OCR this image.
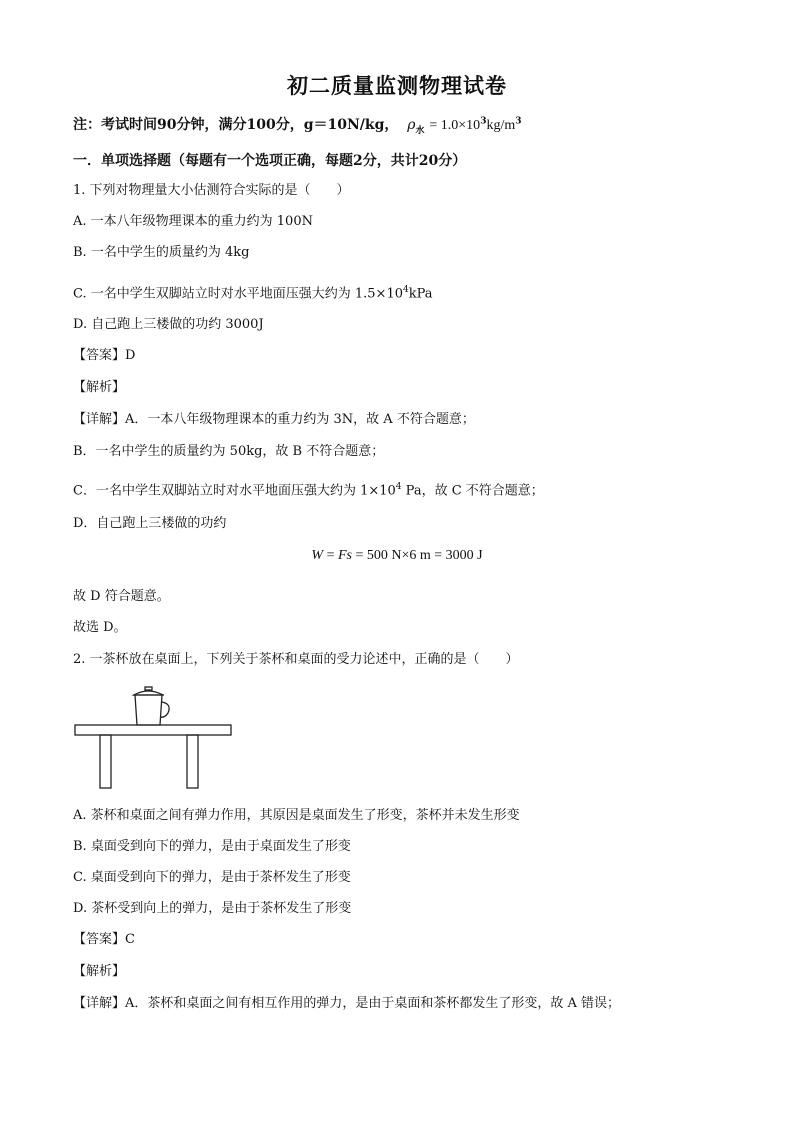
初二质量监测物理试卷
注：考试时间90分钟，满分100分，g＝10N/kg， $\rho_水 = 1.0\times 10^3kg/m^3$
一．单项选择题（每题有一个选项正确，每题2分，共计20分）
1. 下列对物理量大小估测符合实际的是（　　）
A. 一本八年级物理课本的重力约为 100N
B. 一名中学生的质量约为 4kg
C. 一名中学生双脚站立时对水平地面压强大约为 $1.5\times 10^4kPa$
D. 自己跑上三楼做的功约 3000J
【答案】D
【解析】
【详解】A．一本八年级物理课本的重力约为 3N，故 A 不符合题意；
B．一名中学生的质量约为 50kg，故 B 不符合题意；
C．一名中学生双脚站立时对水平地面压强大约为 $1\times 10^4$ Pa，故 C 不符合题意；
D．自己跑上三楼做的功约
W = Fs = 500 N×6 m = 3000 J
故 D 符合题意。
故选 D。
2. 一茶杯放在桌面上，下列关于茶杯和桌面的受力论述中，正确的是（　　）
A. 茶杯和桌面之间有弹力作用，其原因是桌面发生了形变，茶杯并未发生形变
B. 桌面受到向下的弹力，是由于桌面发生了形变
C. 桌面受到向下的弹力，是由于茶杯发生了形变
D. 茶杯受到向上的弹力，是由于茶杯发生了形变
【答案】C
【解析】
【详解】A．茶杯和桌面之间有相互作用的弹力，是由于桌面和茶杯都发生了形变，故 A 错误；
